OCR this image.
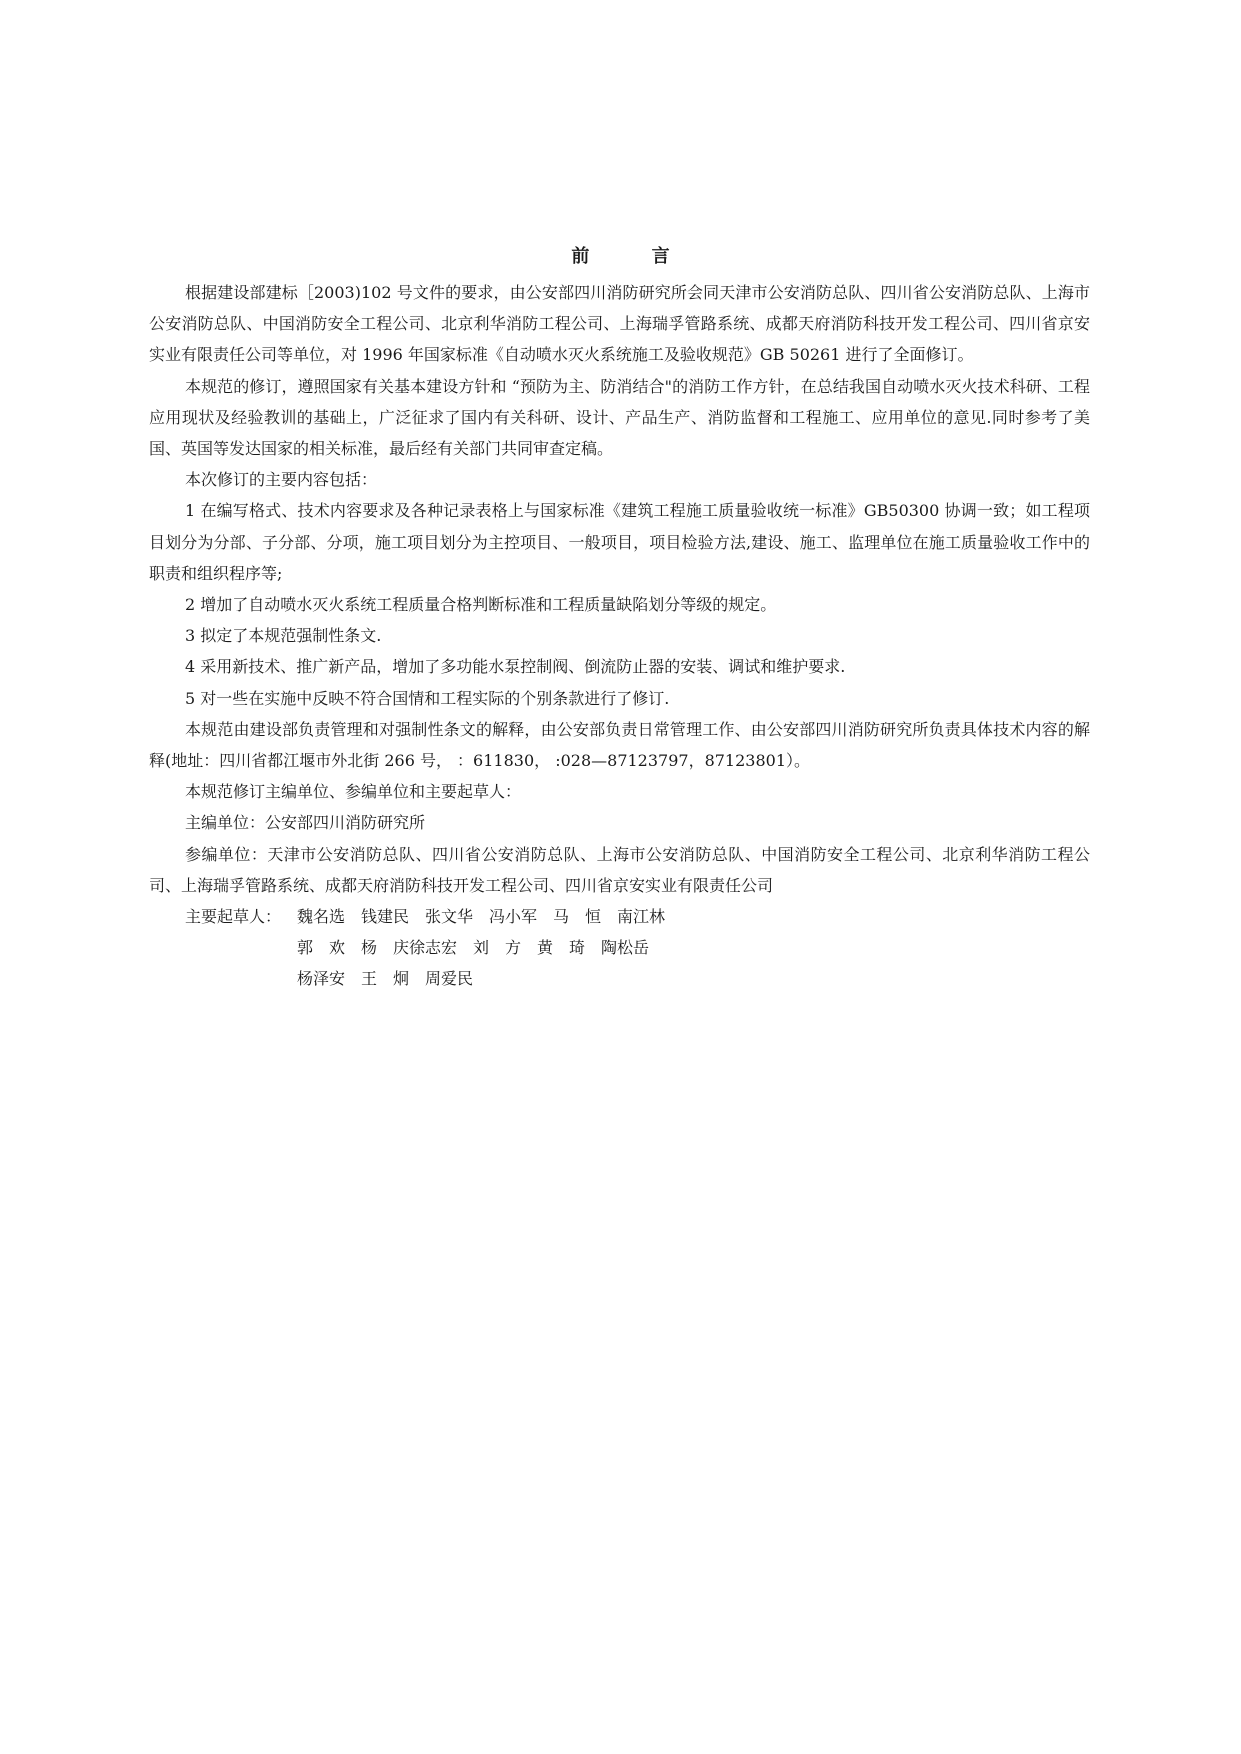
前 言

根据建设部建标［2003)102 号文件的要求，由公安部四川消防研究所会同天津市公安消防总队、四川省公安消防总队、上海市公安消防总队、中国消防安全工程公司、北京利华消防工程公司、上海瑞孚管路系统、成都天府消防科技开发工程公司、四川省京安实业有限责任公司等单位，对 1996 年国家标准《自动喷水灭火系统施工及验收规范》GB 50261 进行了全面修订。

本规范的修订，遵照国家有关基本建设方针和 “预防为主、防消结合"的消防工作方针，在总结我国自动喷水灭火技术科研、工程应用现状及经验教训的基础上，广泛征求了国内有关科研、设计、产品生产、消防监督和工程施工、应用单位的意见.同时参考了美国、英国等发达国家的相关标准，最后经有关部门共同审查定稿。

本次修订的主要内容包括：

1 在编写格式、技术内容要求及各种记录表格上与国家标准《建筑工程施工质量验收统一标准》GB50300 协调一致；如工程项目划分为分部、子分部、分项，施工项目划分为主控项目、一般项目，项目检验方法,建设、施工、监理单位在施工质量验收工作中的职责和组织程序等;

2 增加了自动喷水灭火系统工程质量合格判断标准和工程质量缺陷划分等级的规定。

3 拟定了本规范强制性条文.

4 采用新技术、推广新产品，增加了多功能水泵控制阀、倒流防止器的安装、调试和维护要求.

5 对一些在实施中反映不符合国情和工程实际的个别条款进行了修订.

本规范由建设部负责管理和对强制性条文的解释，由公安部负责日常管理工作、由公安部四川消防研究所负责具体技术内容的解释(地址：四川省都江堰市外北街 266 号， ：611830， :028—87123797，87123801）。

本规范修订主编单位、参编单位和主要起草人：

主编单位：公安部四川消防研究所

参编单位：天津市公安消防总队、四川省公安消防总队、上海市公安消防总队、中国消防安全工程公司、北京利华消防工程公司、上海瑞孚管路系统、成都天府消防科技开发工程公司、四川省京安实业有限责任公司

主要起草人： 魏名选　钱建民　张文华　冯小军　马　恒　南江林
郭　欢　杨　庆徐志宏　刘　方　黄　琦　陶松岳
杨泽安　王　炯　周爱民
